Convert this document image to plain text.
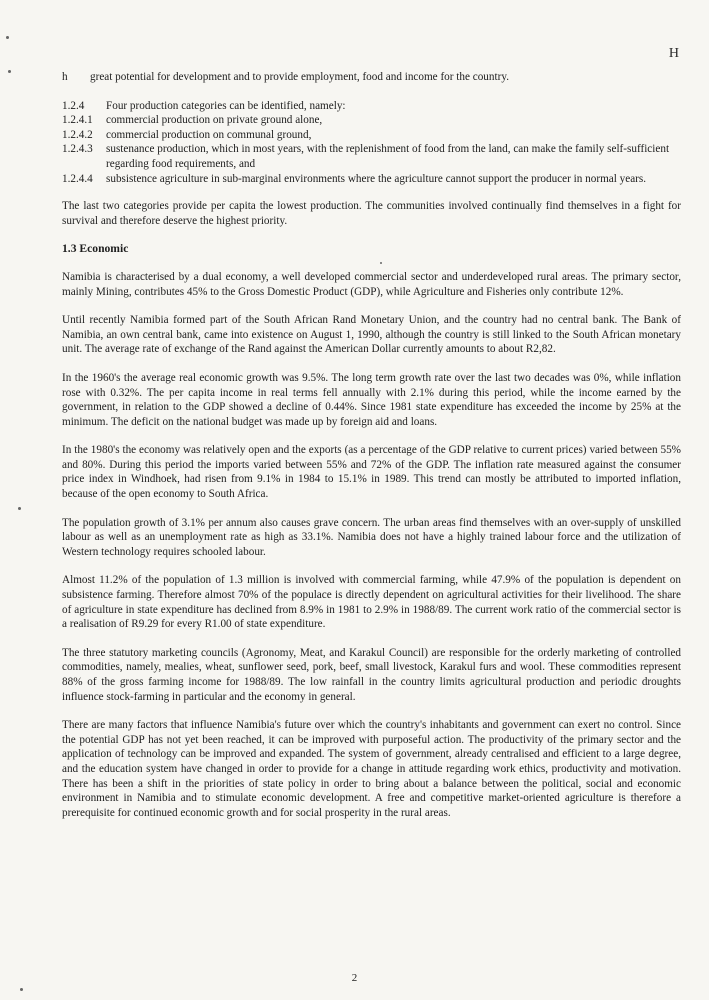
H
h great potential for development and to provide employment, food and income for the country.
1.2.4	Four production categories can be identified, namely:
1.2.4.1	commercial production on private ground alone,
1.2.4.2	commercial production on communal ground,
1.2.4.3	sustenance production, which in most years, with the replenishment of food from the land, can make the family self-sufficient regarding food requirements, and
1.2.4.4	subsistence agriculture in sub-marginal environments where the agriculture cannot support the producer in normal years.

The last two categories provide per capita the lowest production. The communities involved continually find themselves in a fight for survival and therefore deserve the highest priority.

1.3 Economic

Namibia is characterised by a dual economy, a well developed commercial sector and underdeveloped rural areas. The primary sector, mainly Mining, contributes 45% to the Gross Domestic Product (GDP), while Agriculture and Fisheries only contribute 12%.

Until recently Namibia formed part of the South African Rand Monetary Union, and the country had no central bank. The Bank of Namibia, an own central bank, came into existence on August 1, 1990, although the country is still linked to the South African monetary unit. The average rate of exchange of the Rand against the American Dollar currently amounts to about R2,82.

In the 1960's the average real economic growth was 9.5%. The long term growth rate over the last two decades was 0%, while inflation rose with 0.32%. The per capita income in real terms fell annually with 2.1% during this period, while the income earned by the government, in relation to the GDP showed a decline of 0.44%. Since 1981 state expenditure has exceeded the income by 25% at the minimum. The deficit on the national budget was made up by foreign aid and loans.

In the 1980's the economy was relatively open and the exports (as a percentage of the GDP relative to current prices) varied between 55% and 80%. During this period the imports varied between 55% and 72% of the GDP. The inflation rate measured against the consumer price index in Windhoek, had risen from 9.1% in 1984 to 15.1% in 1989. This trend can mostly be attributed to imported inflation, because of the open economy to South Africa.

The population growth of 3.1% per annum also causes grave concern. The urban areas find themselves with an over-supply of unskilled labour as well as an unemployment rate as high as 33.1%. Namibia does not have a highly trained labour force and the utilization of Western technology requires schooled labour.

Almost 11.2% of the population of 1.3 million is involved with commercial farming, while 47.9% of the population is dependent on subsistence farming. Therefore almost 70% of the populace is directly dependent on agricultural activities for their livelihood. The share of agriculture in state expenditure has declined from 8.9% in 1981 to 2.9% in 1988/89. The current work ratio of the commercial sector is a realisation of R9.29 for every R1.00 of state expenditure.

The three statutory marketing councils (Agronomy, Meat, and Karakul Council) are responsible for the orderly marketing of controlled commodities, namely, mealies, wheat, sunflower seed, pork, beef, small livestock, Karakul furs and wool. These commodities represent 88% of the gross farming income for 1988/89. The low rainfall in the country limits agricultural production and periodic droughts influence stock-farming in particular and the economy in general.

There are many factors that influence Namibia's future over which the country's inhabitants and government can exert no control. Since the potential GDP has not yet been reached, it can be improved with purposeful action. The productivity of the primary sector and the application of technology can be improved and expanded. The system of government, already centralised and efficient to a large degree, and the education system have changed in order to provide for a change in attitude regarding work ethics, productivity and motivation. There has been a shift in the priorities of state policy in order to bring about a balance between the political, social and economic environment in Namibia and to stimulate economic development. A free and competitive market-oriented agriculture is therefore a prerequisite for continued economic growth and for social prosperity in the rural areas.

2
